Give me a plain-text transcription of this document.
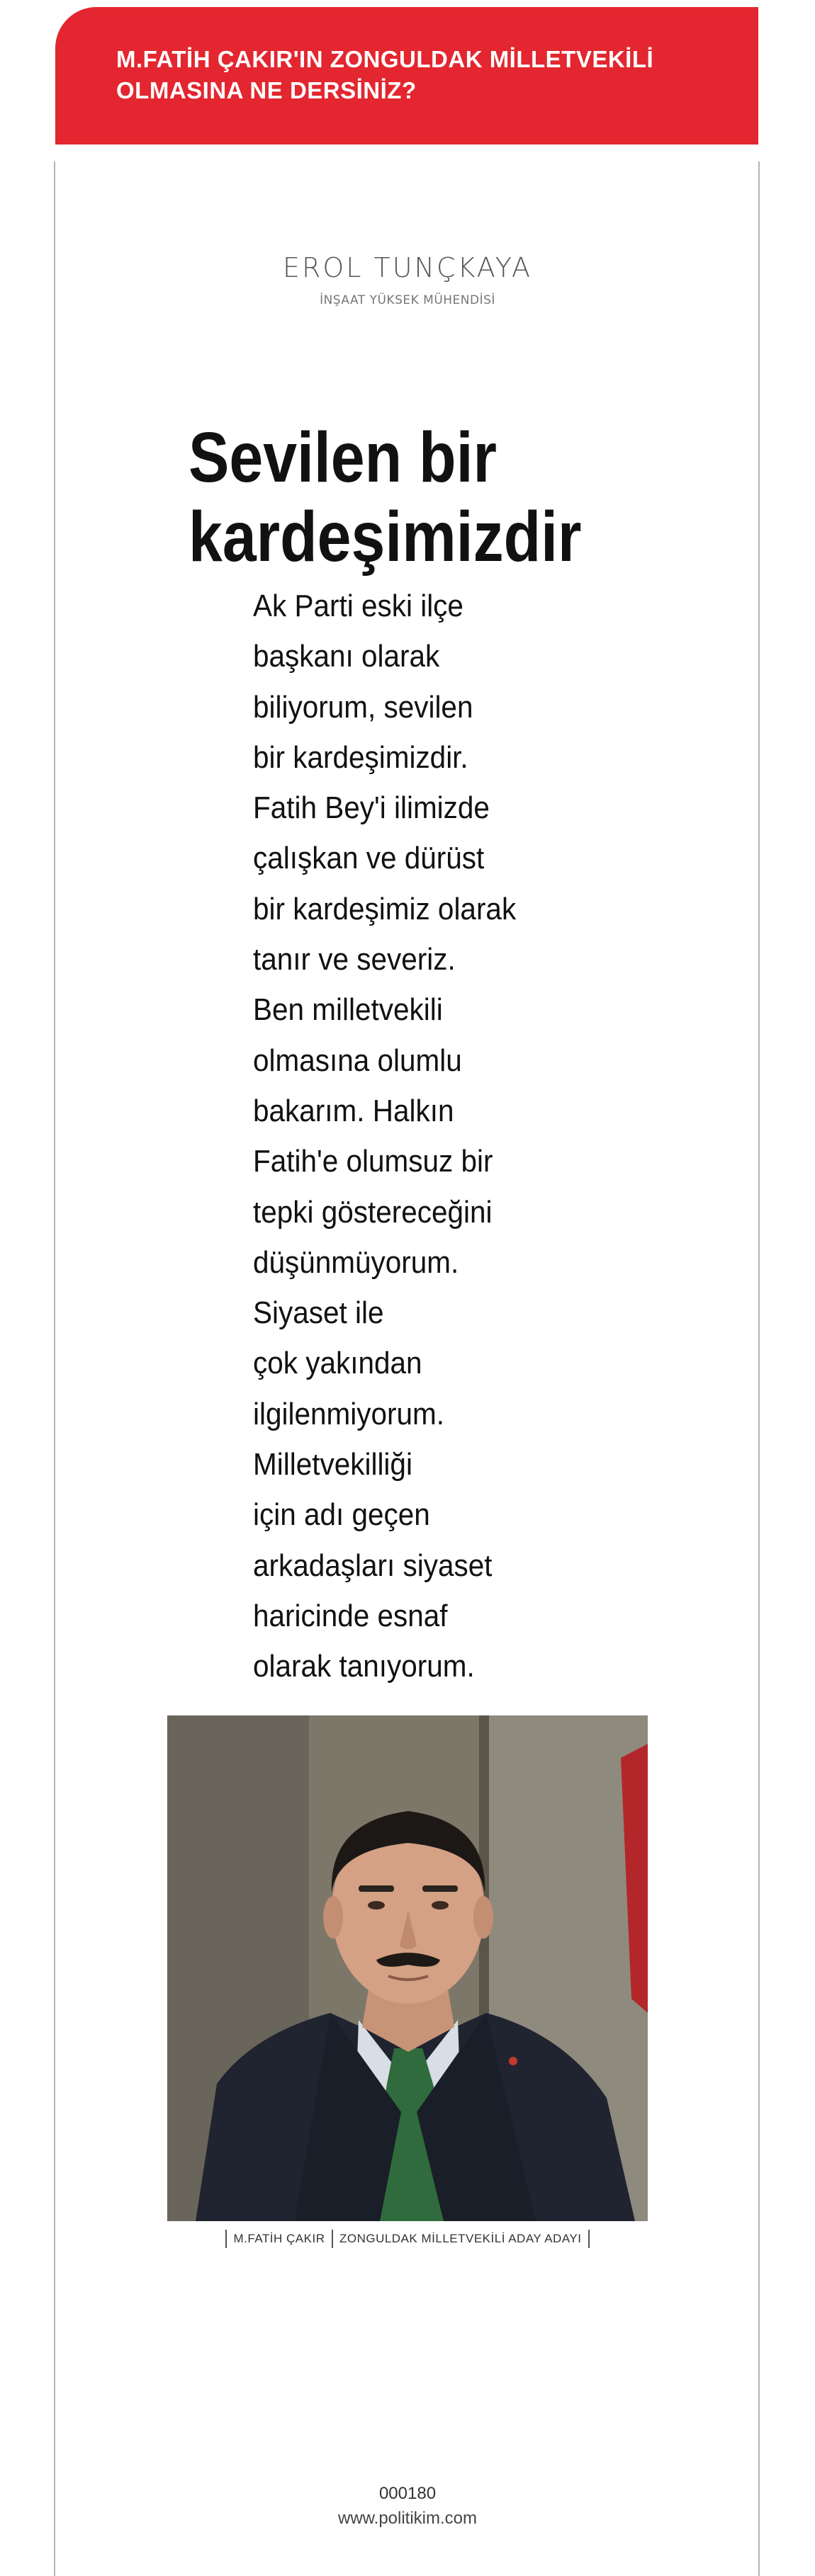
M.FATİH ÇAKIR'IN ZONGULDAK MİLLETVEKİLİ
OLMASINA NE DERSİNİZ?
EROL TUNÇKAYA
İNŞAAT YÜKSEK MÜHENDİSİ
Sevilen bir
kardeşimizdir
Ak Parti eski ilçe
başkanı olarak
biliyorum, sevilen
bir kardeşimizdir.
Fatih Bey'i ilimizde
çalışkan ve dürüst
bir kardeşimiz olarak
tanır ve severiz.
Ben milletvekili
olmasına olumlu
bakarım. Halkın
Fatih'e olumsuz bir
tepki göstereceğini
düşünmüyorum.
Siyaset ile
çok yakından
ilgilenmiyorum.
Milletvekilliği
için adı geçen
arkadaşları siyaset
haricinde esnaf
olarak tanıyorum.
M.FATİH ÇAKIR ZONGULDAK MİLLETVEKİLİ ADAY ADAYI
000180
www.politikim.com
